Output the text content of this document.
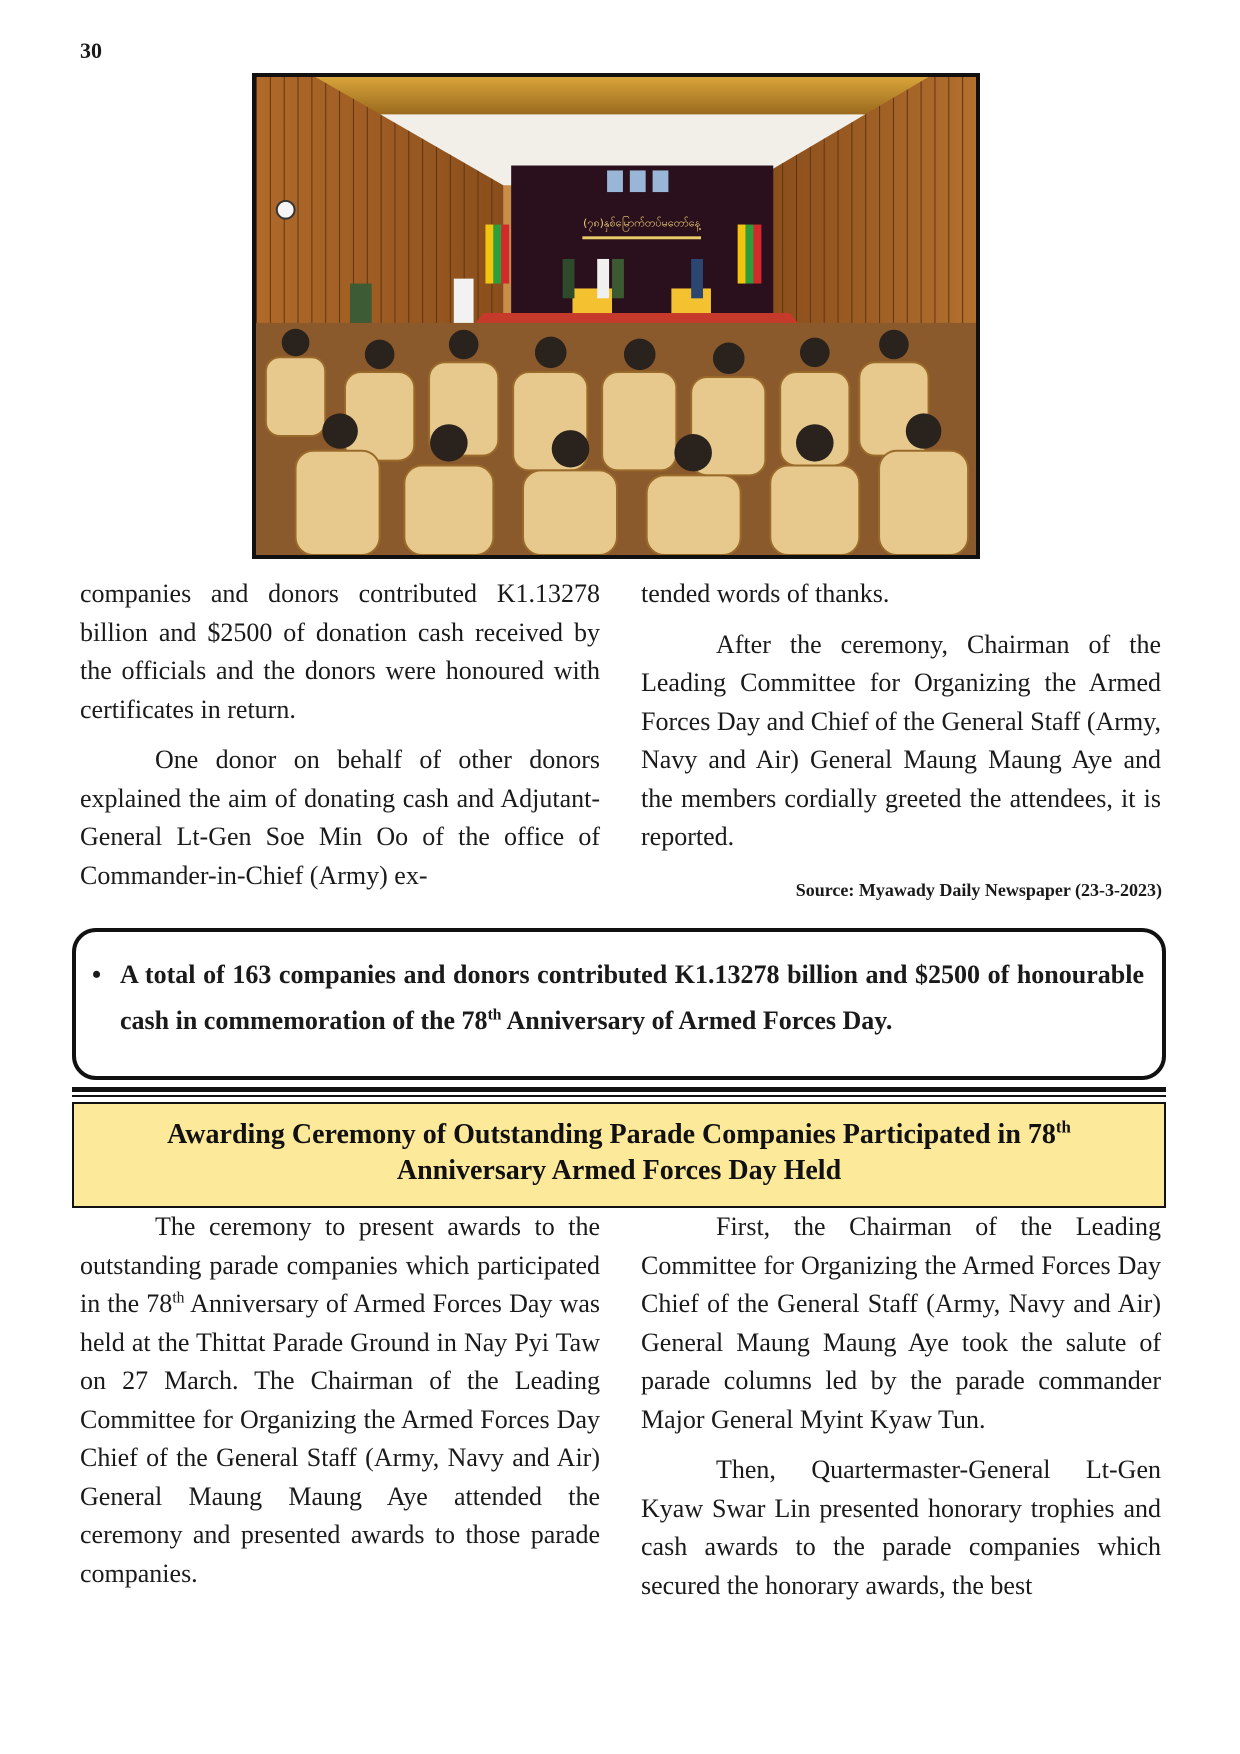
30
(၇၈)နှစ်မြောက်တပ်မတော်နေ့

companies and donors contributed K1.13278 billion and $2500 of donation cash received by the officials and the donors were honoured with certificates in return.

One donor on behalf of other donors explained the aim of donating cash and Adjutant-General Lt-Gen Soe Min Oo of the office of Commander-in-Chief (Army) ex-

tended words of thanks.

After the ceremony, Chairman of the Leading Committee for Organizing the Armed Forces Day and Chief of the General Staff (Army, Navy and Air) General Maung Maung Aye and the members cordially greeted the attendees, it is reported.

Source: Myawady Daily Newspaper (23-3-2023)
• A total of 163 companies and donors contributed K1.13278 billion and $2500 of honourable cash in commemoration of the 78th Anniversary of Armed Forces Day.
Awarding Ceremony of Outstanding Parade Companies Participated in 78th
Anniversary Armed Forces Day Held

The ceremony to present awards to the outstanding parade companies which participated in the 78th Anniversary of Armed Forces Day was held at the Thittat Parade Ground in Nay Pyi Taw on 27 March. The Chairman of the Leading Committee for Organizing the Armed Forces Day Chief of the General Staff (Army, Navy and Air) General Maung Maung Aye attended the ceremony and presented awards to those parade companies.

First, the Chairman of the Leading Committee for Organizing the Armed Forces Day Chief of the General Staff (Army, Navy and Air) General Maung Maung Aye took the salute of parade columns led by the parade commander Major General Myint Kyaw Tun.

Then, Quartermaster-General Lt-Gen Kyaw Swar Lin presented honorary trophies and cash awards to the parade companies which secured the honorary awards, the best
